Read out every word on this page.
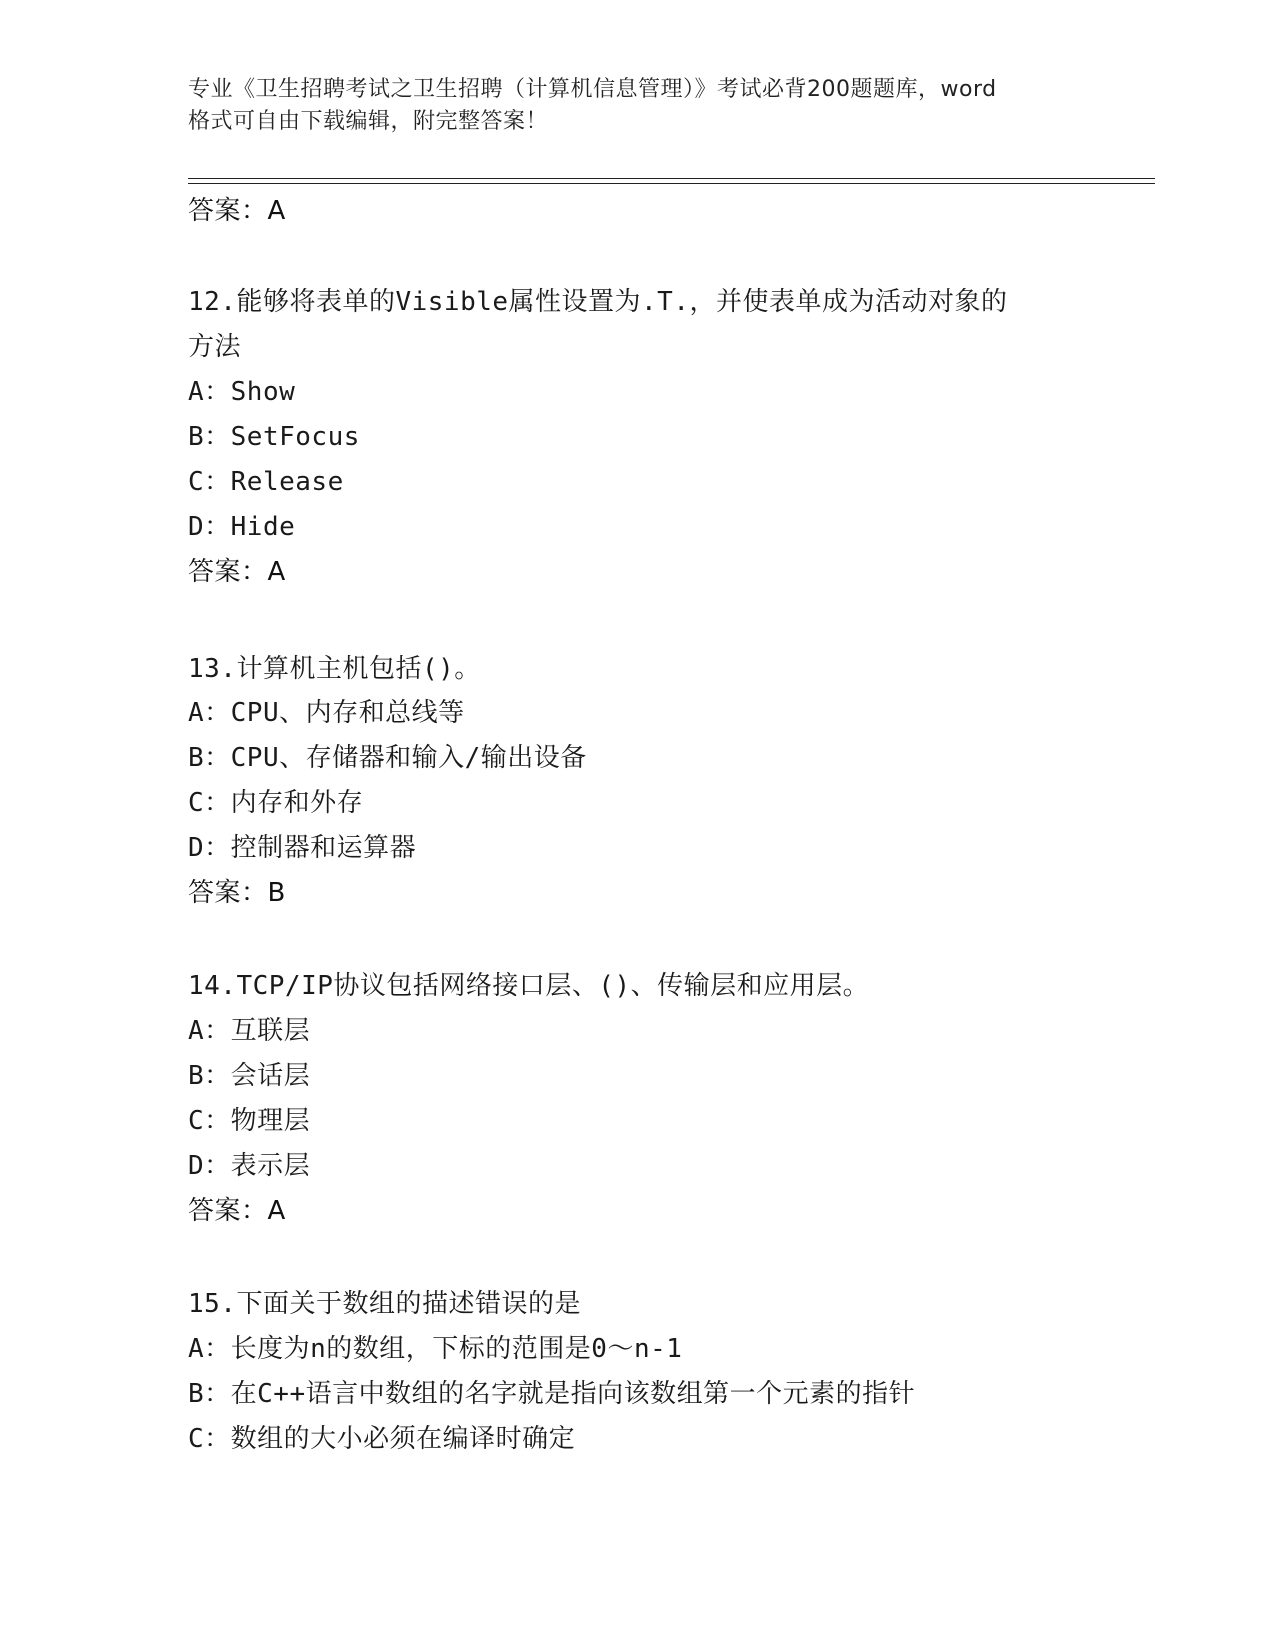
专业《卫生招聘考试之卫生招聘（计算机信息管理）》考试必背200题题库，word
格式可自由下载编辑，附完整答案！
答案：A
12.能够将表单的Visible属性设置为.T.，并使表单成为活动对象的
方法
A：Show
B：SetFocus
C：Release
D：Hide
答案：A
13.计算机主机包括()。
A：CPU、内存和总线等
B：CPU、存储器和输入/输出设备
C：内存和外存
D：控制器和运算器
答案：B
14.TCP/IP协议包括网络接口层、()、传输层和应用层。
A：互联层
B：会话层
C：物理层
D：表示层
答案：A
15.下面关于数组的描述错误的是
A：长度为n的数组，下标的范围是0～n-1
B：在C++语言中数组的名字就是指向该数组第一个元素的指针
C：数组的大小必须在编译时确定
